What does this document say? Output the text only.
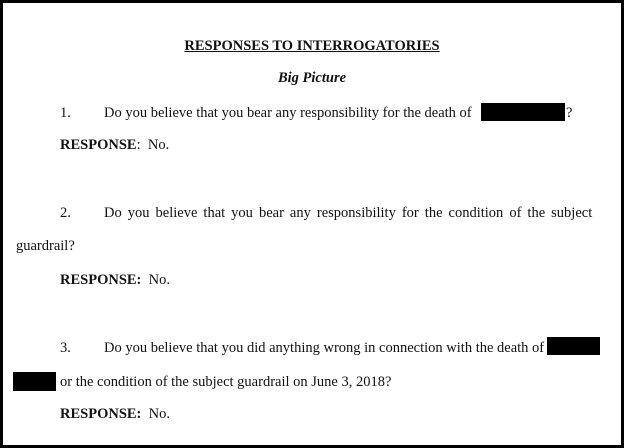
RESPONSES TO INTERROGATORIES
Big Picture
1. Do you believe that you bear any responsibility for the death of	?
RESPONSE: No.
2. Do you believe that you bear any responsibility for the condition of the subject
guardrail?
RESPONSE: No.
3. Do you believe that you did anything wrong in connection with the death of
or the condition of the subject guardrail on June 3, 2018?
RESPONSE: No.
